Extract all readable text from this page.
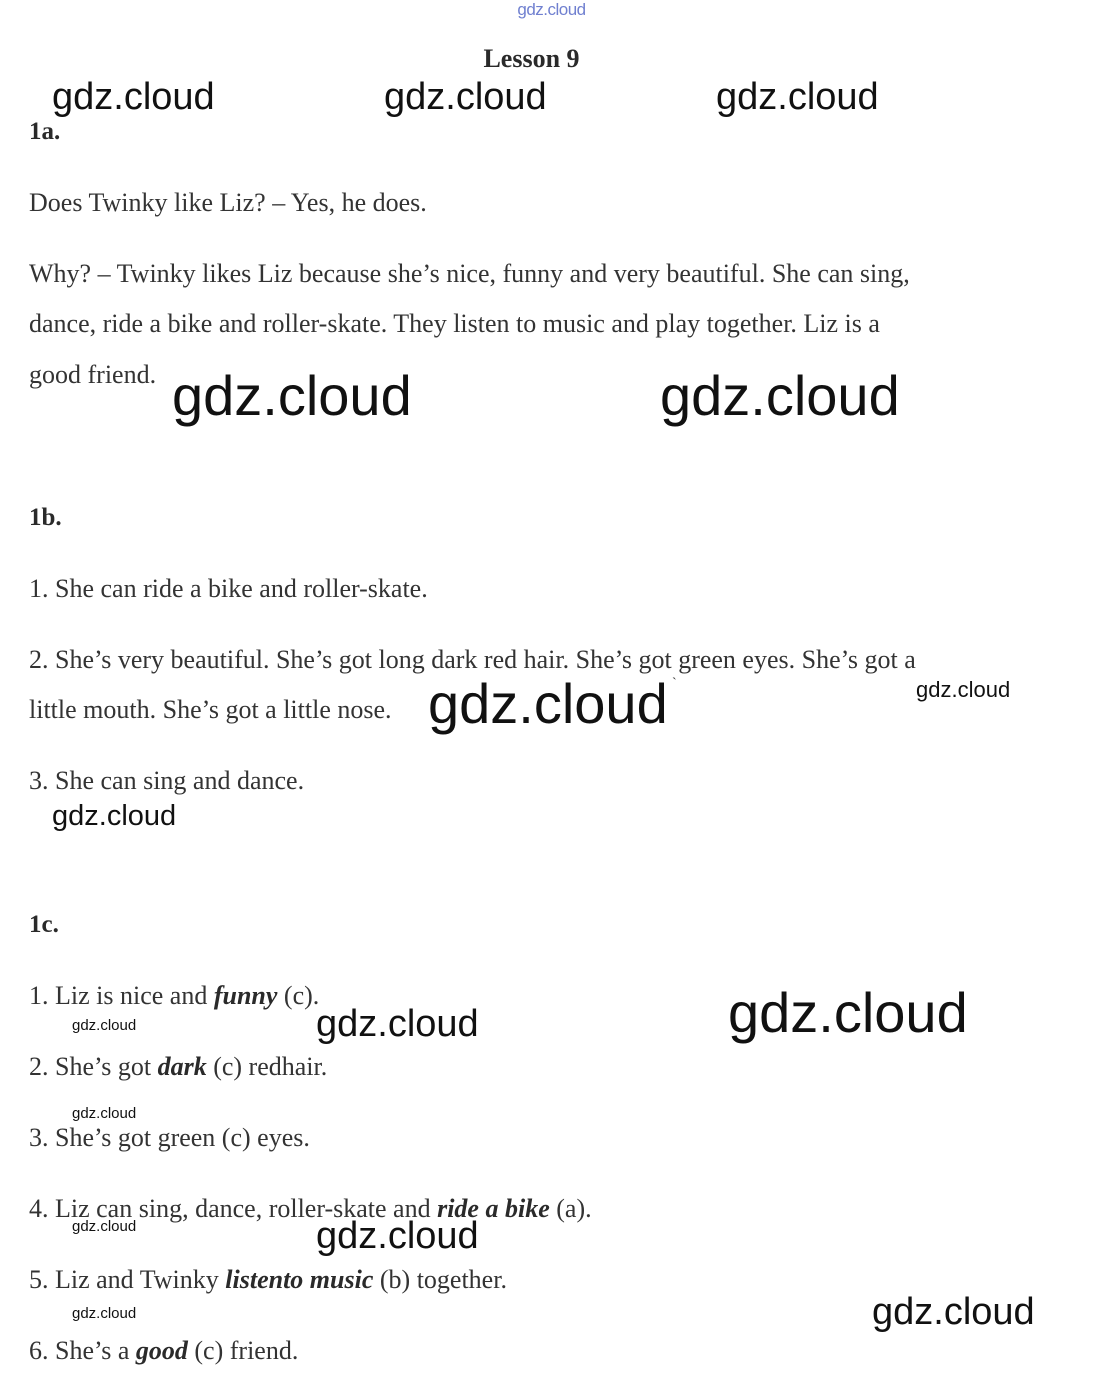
gdz.cloud
Lesson 9
1a.
Does Twinky like Liz? – Yes, he does.
Why? – Twinky likes Liz because she’s nice, funny and very beautiful. She can sing,
dance, ride a bike and roller-skate. They listen to music and play together. Liz is a
good friend.
1b.
1. She can ride a bike and roller-skate.
2. She’s very beautiful. She’s got long dark red hair. She’s got green eyes. She’s got a
little mouth. She’s got a little nose.
3. She can sing and dance.
1c.
1. Liz is nice and funny (c).
2. She’s got dark (c) redhair.
3. She’s got green (c) eyes.
4. Liz can sing, dance, roller-skate and ride a bike (a).
5. Liz and Twinky listento music (b) together.
6. She’s a good (c) friend.
`
gdz.cloud	gdz.cloud	gdz.cloud
gdz.cloud	gdz.cloud
gdz.cloud	gdz.cloud
gdz.cloud
gdz.cloud
gdz.cloud	gdz.cloud
gdz.cloud
gdz.cloud	gdz.cloud
gdz.cloud	gdz.cloud
